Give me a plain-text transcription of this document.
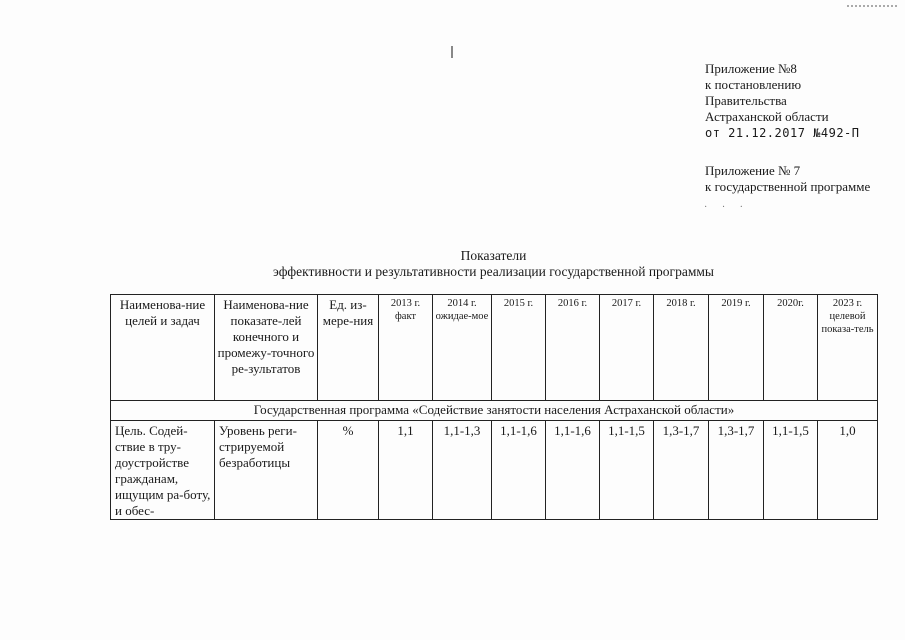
Приложение №8
к постановлению
Правительства
Астраханской области
от 21.12.2017 №492-П
Приложение № 7
к государственной программе
· · ·
Показатели
эффективности и результативности реализации государственной программы
Наименова-ние целей и задач	Наименова-ние показате-лей конечного и промежу-точного ре-зультатов	Ед. из-мере-ния	2013 г. факт	2014 г. ожидае-мое	2015 г.	2016 г.	2017 г.	2018 г.	2019 г.	2020г.	2023 г. целевой показа-тель
Государственная программа «Содействие занятости населения Астраханской области»											
Цель. Содей-ствие в тру-доустройстве гражданам, ищущим ра-боту, и обес-	Уровень реги-стрируемой безработицы	%	1,1	1,1-1,3	1,1-1,6	1,1-1,6	1,1-1,5	1,3-1,7	1,3-1,7	1,1-1,5	1,0
